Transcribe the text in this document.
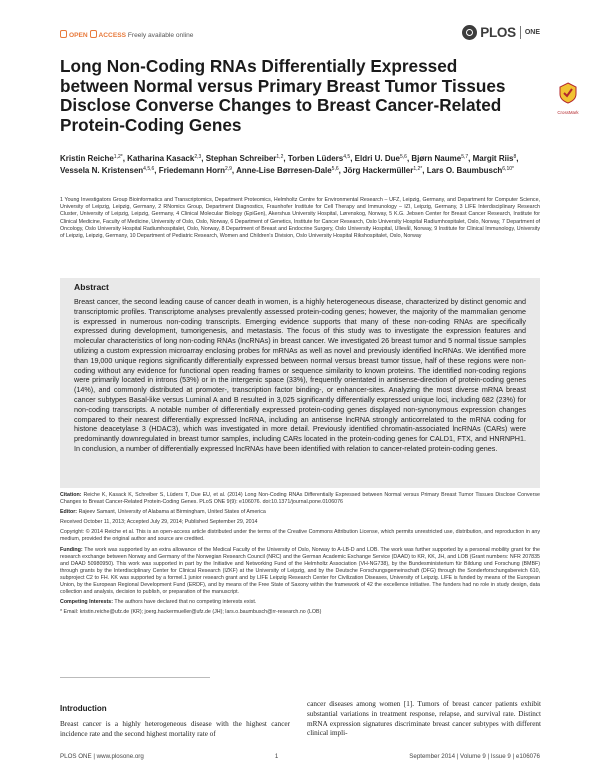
OPEN ACCESS Freely available online	PLOS ONE
Long Non-Coding RNAs Differentially Expressed between Normal versus Primary Breast Tumor Tissues Disclose Converse Changes to Breast Cancer-Related Protein-Coding Genes
CrossMark
Kristin Reiche$^{1,2*}$, Katharina Kasack$^{2,3}$, Stephan Schreiber$^{1,2}$, Torben Lüders$^{4,5}$, Eldri U. Due$^{5,6}$, Bjørn Naume$^{5,7}$, Margit Riis$^8$, Vessela N. Kristensen$^{4,5,6}$, Friedemann Horn$^{2,9}$, Anne-Lise Børresen-Dale$^{5,6}$, Jörg Hackermüller$^{1,2*}$, Lars O. Baumbusch$^{6,10*}$
1 Young Investigators Group Bioinformatics and Transcriptomics, Department Proteomics, Helmholtz Centre for Environmental Research – UFZ, Leipzig, Germany, and Department for Computer Science, University of Leipzig, Leipzig, Germany, 2 RNomics Group, Department Diagnostics, Fraunhofer Institute for Cell Therapy and Immunology – IZI, Leipzig, Germany, 3 LIFE Interdisciplinary Research Cluster, University of Leipzig, Leipzig, Germany, 4 Clinical Molecular Biology (EpiGen), Akershus University Hospital, Lørenskog, Norway, 5 K.G. Jebsen Center for Breast Cancer Research, Institute for Clinical Medicine, Faculty of Medicine, University of Oslo, Oslo, Norway, 6 Department of Genetics, Institute for Cancer Research, Oslo University Hospital Radiumhospitalet, Oslo, Norway, 7 Department of Oncology, Oslo University Hospital Radiumhospitalet, Oslo, Norway, 8 Department of Breast and Endocrine Surgery, Oslo University Hospital, Ullevål, Norway, 9 Institute for Clinical Immunology, University of Leipzig, Leipzig, Germany, 10 Department of Pediatric Research, Women and Children's Division, Oslo University Hospital Rikshospitalet, Oslo, Norway
Abstract
Breast cancer, the second leading cause of cancer death in women, is a highly heterogeneous disease, characterized by distinct genomic and transcriptomic profiles. Transcriptome analyses prevalently assessed protein-coding genes; however, the majority of the mammalian genome is expressed in numerous non-coding transcripts. Emerging evidence supports that many of these non-coding RNAs are specifically expressed during development, tumorigenesis, and metastasis. The focus of this study was to investigate the expression features and molecular characteristics of long non-coding RNAs (lncRNAs) in breast cancer. We investigated 26 breast tumor and 5 normal tissue samples utilizing a custom expression microarray enclosing probes for mRNAs as well as novel and previously identified lncRNAs. We identified more than 19,000 unique regions significantly differentially expressed between normal versus breast tumor tissue, half of these regions were non-coding without any evidence for functional open reading frames or sequence similarity to known proteins. The identified non-coding regions were primarily located in introns (53%) or in the intergenic space (33%), frequently orientated in antisense-direction of protein-coding genes (14%), and commonly distributed at promoter-, transcription factor binding-, or enhancer-sites. Analyzing the most diverse mRNA breast cancer subtypes Basal-like versus Luminal A and B resulted in 3,025 significantly differentially expressed unique loci, including 682 (23%) for non-coding transcripts. A notable number of differentially expressed protein-coding genes displayed non-synonymous expression changes compared to their nearest differentially expressed lncRNA, including an antisense lncRNA strongly anticorrelated to the mRNA coding for histone deacetylase 3 (HDAC3), which was investigated in more detail. Previously identified chromatin-associated lncRNAs (CARs) were predominantly downregulated in breast tumor samples, including CARs located in the protein-coding genes for CALD1, FTX, and HNRNPH1. In conclusion, a number of differentially expressed lncRNAs have been identified with relation to cancer-related protein-coding genes.
Citation: Reiche K, Kasack K, Schreiber S, Lüders T, Due EU, et al. (2014) Long Non-Coding RNAs Differentially Expressed between Normal versus Primary Breast Tumor Tissues Disclose Converse Changes to Breast Cancer-Related Protein-Coding Genes. PLoS ONE 9(9): e106076. doi:10.1371/journal.pone.0106076
Editor: Rajeev Samant, University of Alabama at Birmingham, United States of America
Received October 11, 2013; Accepted July 29, 2014; Published September 29, 2014
Copyright: © 2014 Reiche et al. This is an open-access article distributed under the terms of the Creative Commons Attribution License, which permits unrestricted use, distribution, and reproduction in any medium, provided the original author and source are credited.
Funding: The work was supported by an extra allowance of the Medical Faculty of the University of Oslo, Norway to A-LB-D and LOB. The work was further supported by a personal mobility grant for the research exchange between Norway and Germany of the Norwegian Research Council (NRC) and the German Academic Exchange Service (DAAD) to KR, KK, JH, and LOB (Grant numbers: NFR 207835 and DAAD 50980950). This work was supported in part by the Initiative and Networking Fund of the Helmholtz Association (VH-NG738), by the Bundesministerium für Bildung und Forschung (BMBF) through grants by the Interdisciplinary Center for Clinical Research (IZKF) at the University of Leipzig, and by the Deutsche Forschungsgemeinschaft (DFG) through the Sonderforschungsbereich 610, subproject C2 to FH. KK was supported by a formel.1 junior research grant and by LIFE Leipzig Research Center for Civilization Diseases, University of Leipzig. LIFE is funded by means of the European Union, by the European Regional Development Fund (ERDF), and by means of the Free State of Saxony within the framework of 42 the excellence initiative. The funders had no role in study design, data collection and analysis, decision to publish, or preparation of the manuscript.
Competing Interests: The authors have declared that no competing interests exist.
* Email: kristin.reiche@ufz.de (KR); joerg.hackermueller@ufz.de (JH); lars.o.baumbusch@rr-research.no (LOB)
Introduction
Breast cancer is a highly heterogeneous disease with the highest cancer incidence rate and the second highest mortality rate of
cancer diseases among women [1]. Tumors of breast cancer patients exhibit substantial variations in treatment response, relapse, and survival rate. Distinct mRNA expression signatures discriminate breast cancer subtypes with different clinical impli-
PLOS ONE | www.plosone.org	1	September 2014 | Volume 9 | Issue 9 | e106076
